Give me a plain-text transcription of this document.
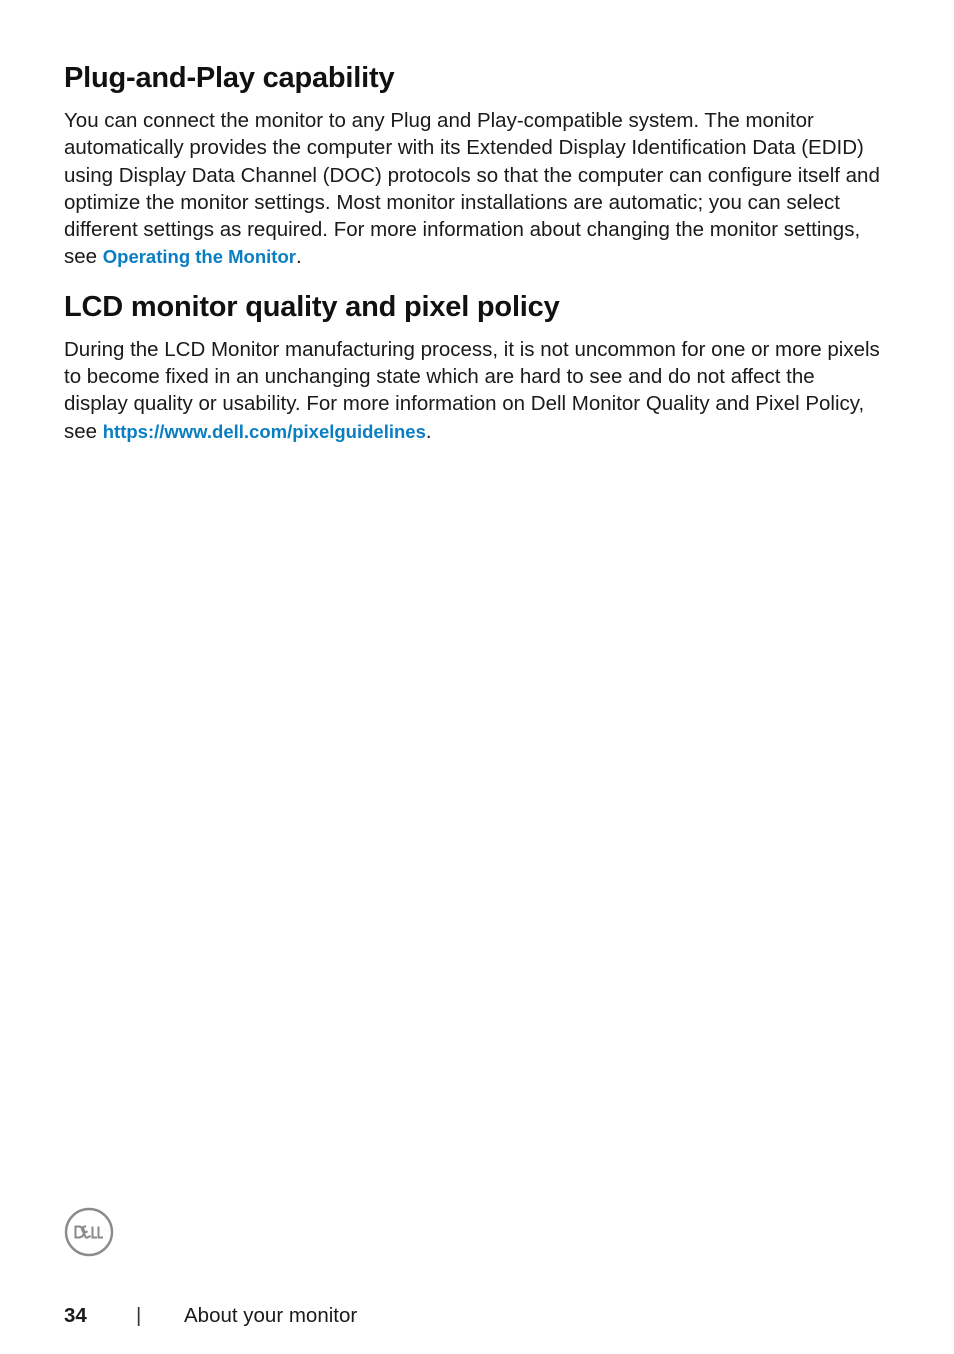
Plug-and-Play capability

You can connect the monitor to any Plug and Play-compatible system. The monitor automatically provides the computer with its Extended Display Identification Data (EDID) using Display Data Channel (DOC) protocols so that the computer can configure itself and optimize the monitor settings. Most monitor installations are automatic; you can select different settings as required. For more information about changing the monitor settings, see Operating the Monitor.

LCD monitor quality and pixel policy

During the LCD Monitor manufacturing process, it is not uncommon for one or more pixels to become fixed in an unchanging state which are hard to see and do not affect the display quality or usability. For more information on Dell Monitor Quality and Pixel Policy, see https://www.dell.com/pixelguidelines.

34 | About your monitor
